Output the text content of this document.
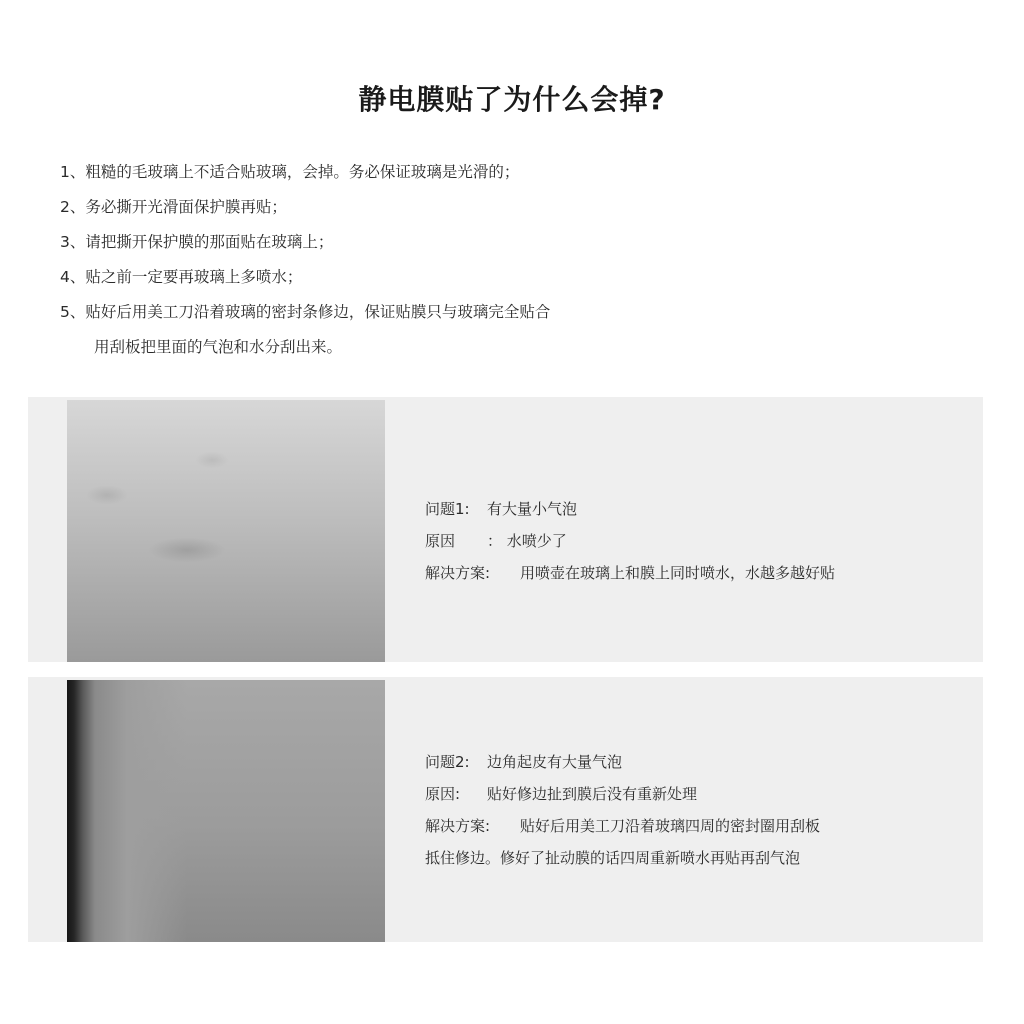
静电膜贴了为什么会掉?
1、粗糙的毛玻璃上不适合贴玻璃，会掉。务必保证玻璃是光滑的；
2、务必撕开光滑面保护膜再贴；
3、请把撕开保护膜的那面贴在玻璃上；
4、贴之前一定要再玻璃上多喷水；
5、贴好后用美工刀沿着玻璃的密封条修边，保证贴膜只与玻璃完全贴合
用刮板把里面的气泡和水分刮出来。
问题1: 有大量小气泡
原因 ： 水喷少了
解决方案: 用喷壶在玻璃上和膜上同时喷水，水越多越好贴
问题2: 边角起皮有大量气泡
原因: 贴好修边扯到膜后没有重新处理
解决方案: 贴好后用美工刀沿着玻璃四周的密封圈用刮板
抵住修边。修好了扯动膜的话四周重新喷水再贴再刮气泡
